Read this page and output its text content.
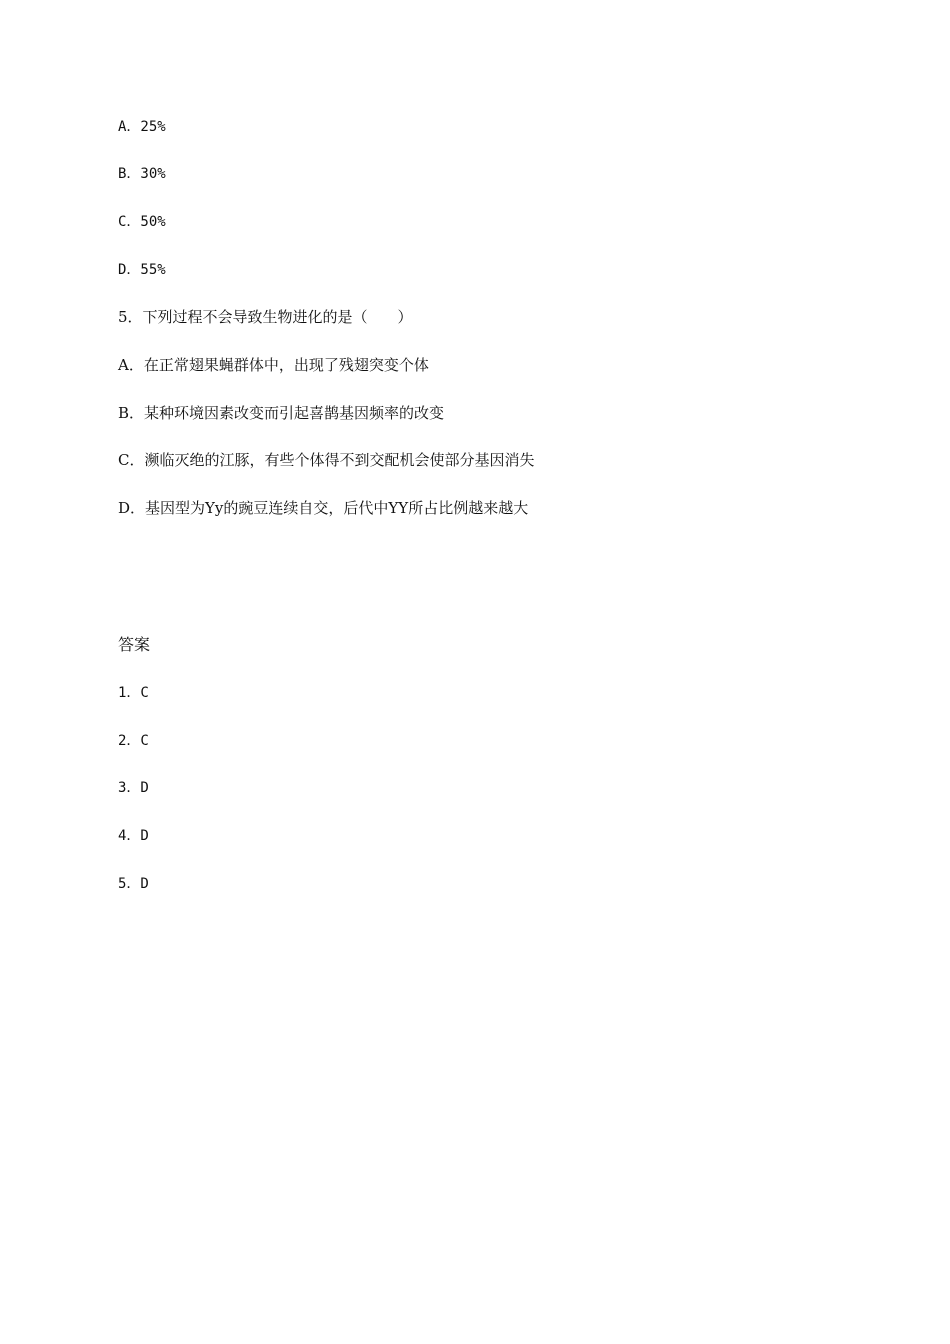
A．25%
B．30%
C．50%
D．55%
5．下列过程不会导致生物进化的是（　　）
A．在正常翅果蝇群体中，出现了残翅突变个体
B．某种环境因素改变而引起喜鹊基因频率的改变
C．濒临灭绝的江豚，有些个体得不到交配机会使部分基因消失
D．基因型为Yy的豌豆连续自交，后代中YY所占比例越来越大
答案
1．C
2．C
3．D
4．D
5．D
